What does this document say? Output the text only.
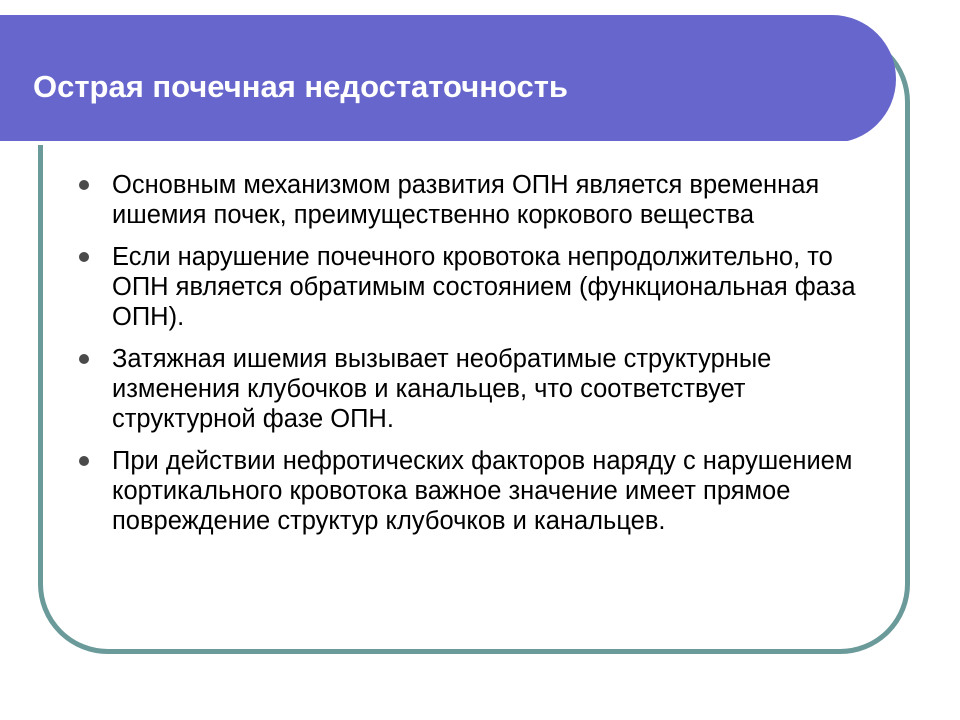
Острая почечная недостаточность
Основным механизмом развития ОПН является временная ишемия почек, преимущественно коркового вещества
Если нарушение почечного кровотока непродолжительно, то ОПН является обратимым состоянием (функциональная фаза ОПН).
Затяжная ишемия вызывает необратимые структурные изменения клубочков и канальцев, что соответствует структурной фазе ОПН.
При действии нефротических факторов наряду с нарушением кортикального кровотока важное значение имеет прямое повреждение структур клубочков и канальцев.
